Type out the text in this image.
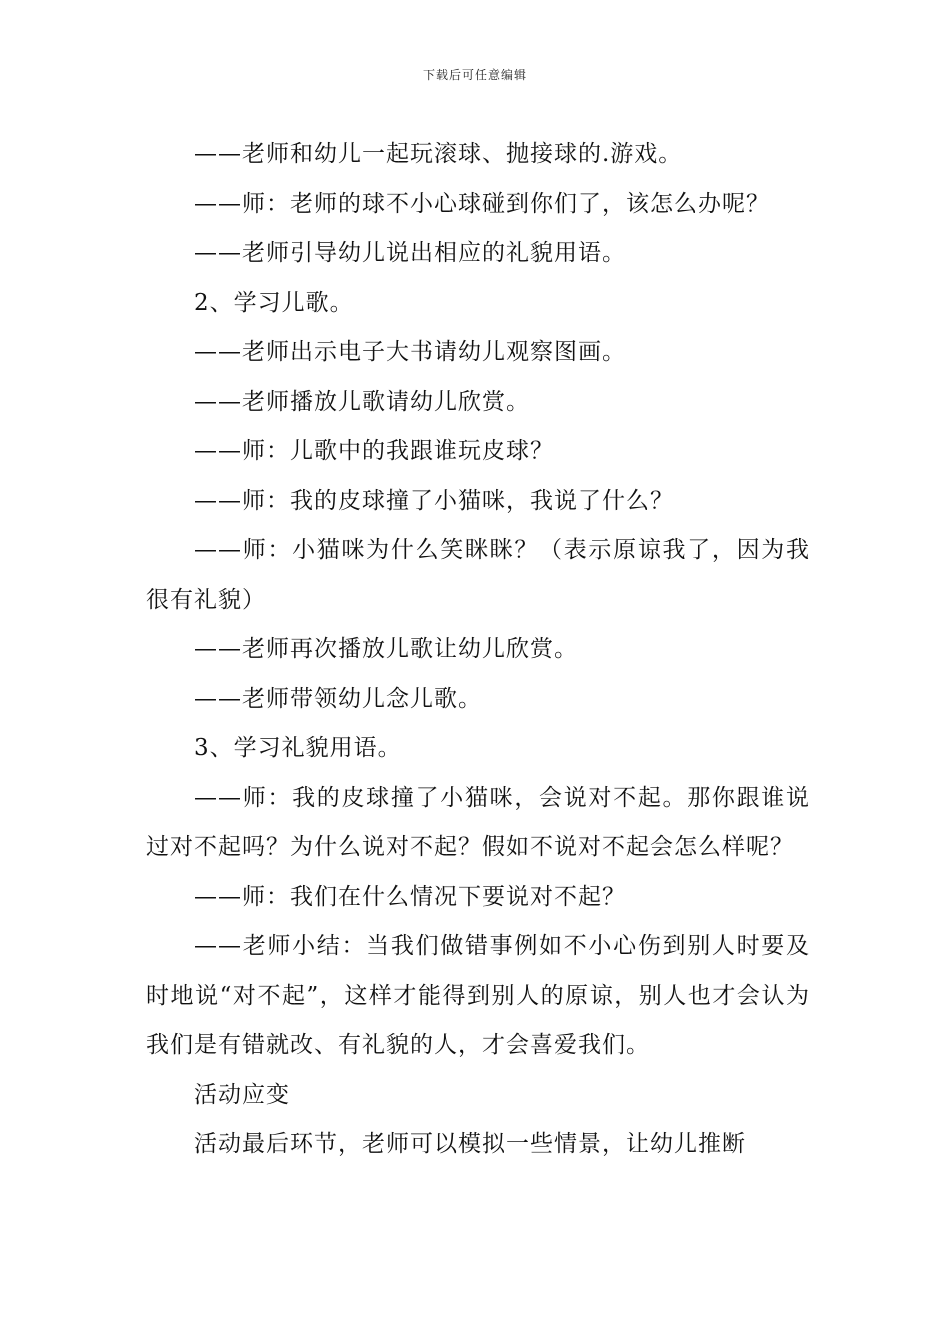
下载后可任意编辑

——老师和幼儿一起玩滚球、抛接球的.游戏。

——师：老师的球不小心球碰到你们了，该怎么办呢？

——老师引导幼儿说出相应的礼貌用语。

2、学习儿歌。

——老师出示电子大书请幼儿观察图画。

——老师播放儿歌请幼儿欣赏。

——师：儿歌中的我跟谁玩皮球？

——师：我的皮球撞了小猫咪，我说了什么？

——师：小猫咪为什么笑眯眯？（表示原谅我了，因为我很有礼貌）

——老师再次播放儿歌让幼儿欣赏。

——老师带领幼儿念儿歌。

3、学习礼貌用语。

——师：我的皮球撞了小猫咪，会说对不起。那你跟谁说过对不起吗？为什么说对不起？假如不说对不起会怎么样呢？

——师：我们在什么情况下要说对不起？

——老师小结：当我们做错事例如不小心伤到别人时要及时地说“对不起”，这样才能得到别人的原谅，别人也才会认为我们是有错就改、有礼貌的人，才会喜爱我们。

活动应变

活动最后环节，老师可以模拟一些情景，让幼儿推断
